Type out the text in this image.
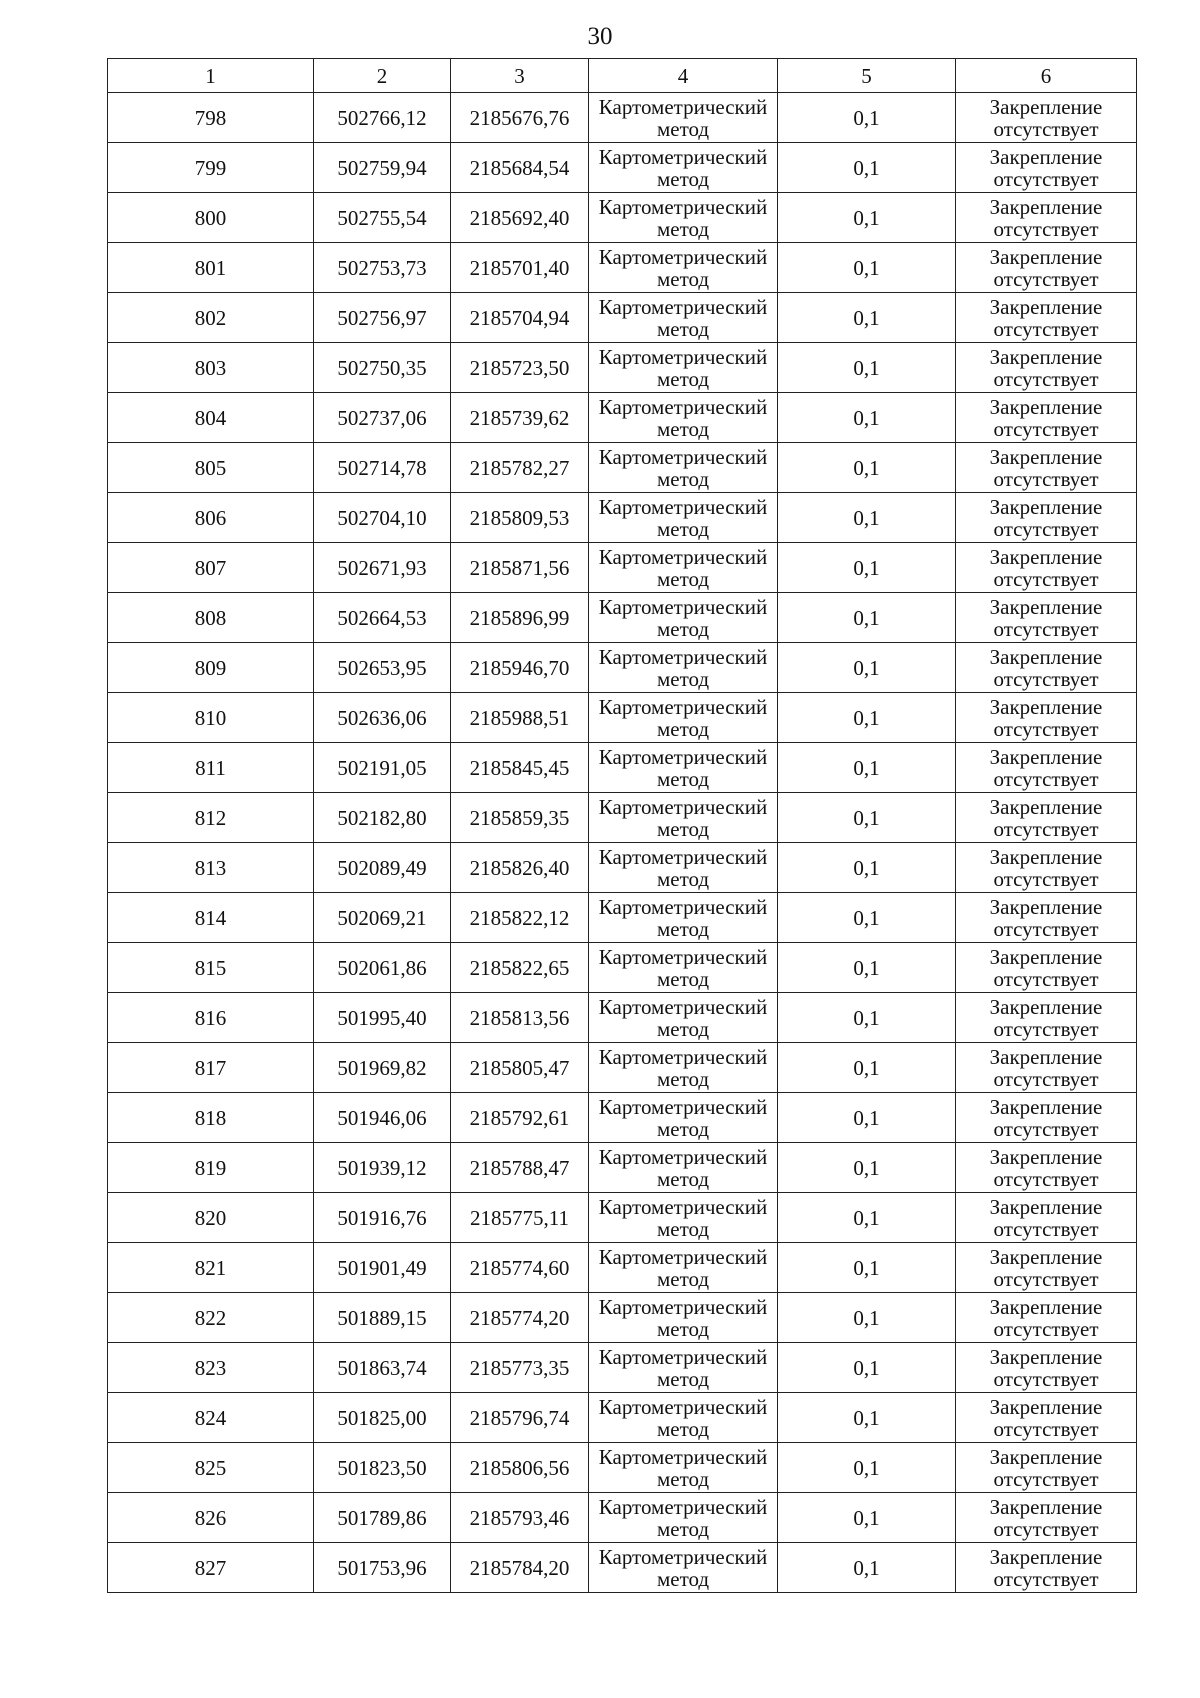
30
1	2	3	4	5	6
798	502766,12	2185676,76	Картометрический
метод	0,1	Закрепление
отсутствует

799	502759,94	2185684,54	Картометрический
метод	0,1	Закрепление
отсутствует

800	502755,54	2185692,40	Картометрический
метод	0,1	Закрепление
отсутствует

801	502753,73	2185701,40	Картометрический
метод	0,1	Закрепление
отсутствует

802	502756,97	2185704,94	Картометрический
метод	0,1	Закрепление
отсутствует

803	502750,35	2185723,50	Картометрический
метод	0,1	Закрепление
отсутствует

804	502737,06	2185739,62	Картометрический
метод	0,1	Закрепление
отсутствует

805	502714,78	2185782,27	Картометрический
метод	0,1	Закрепление
отсутствует

806	502704,10	2185809,53	Картометрический
метод	0,1	Закрепление
отсутствует

807	502671,93	2185871,56	Картометрический
метод	0,1	Закрепление
отсутствует

808	502664,53	2185896,99	Картометрический
метод	0,1	Закрепление
отсутствует

809	502653,95	2185946,70	Картометрический
метод	0,1	Закрепление
отсутствует

810	502636,06	2185988,51	Картометрический
метод	0,1	Закрепление
отсутствует

811	502191,05	2185845,45	Картометрический
метод	0,1	Закрепление
отсутствует

812	502182,80	2185859,35	Картометрический
метод	0,1	Закрепление
отсутствует

813	502089,49	2185826,40	Картометрический
метод	0,1	Закрепление
отсутствует

814	502069,21	2185822,12	Картометрический
метод	0,1	Закрепление
отсутствует

815	502061,86	2185822,65	Картометрический
метод	0,1	Закрепление
отсутствует

816	501995,40	2185813,56	Картометрический
метод	0,1	Закрепление
отсутствует

817	501969,82	2185805,47	Картометрический
метод	0,1	Закрепление
отсутствует

818	501946,06	2185792,61	Картометрический
метод	0,1	Закрепление
отсутствует

819	501939,12	2185788,47	Картометрический
метод	0,1	Закрепление
отсутствует

820	501916,76	2185775,11	Картометрический
метод	0,1	Закрепление
отсутствует

821	501901,49	2185774,60	Картометрический
метод	0,1	Закрепление
отсутствует

822	501889,15	2185774,20	Картометрический
метод	0,1	Закрепление
отсутствует

823	501863,74	2185773,35	Картометрический
метод	0,1	Закрепление
отсутствует

824	501825,00	2185796,74	Картометрический
метод	0,1	Закрепление
отсутствует

825	501823,50	2185806,56	Картометрический
метод	0,1	Закрепление
отсутствует

826	501789,86	2185793,46	Картометрический
метод	0,1	Закрепление
отсутствует

827	501753,96	2185784,20	Картометрический
метод	0,1	Закрепление
отсутствует
